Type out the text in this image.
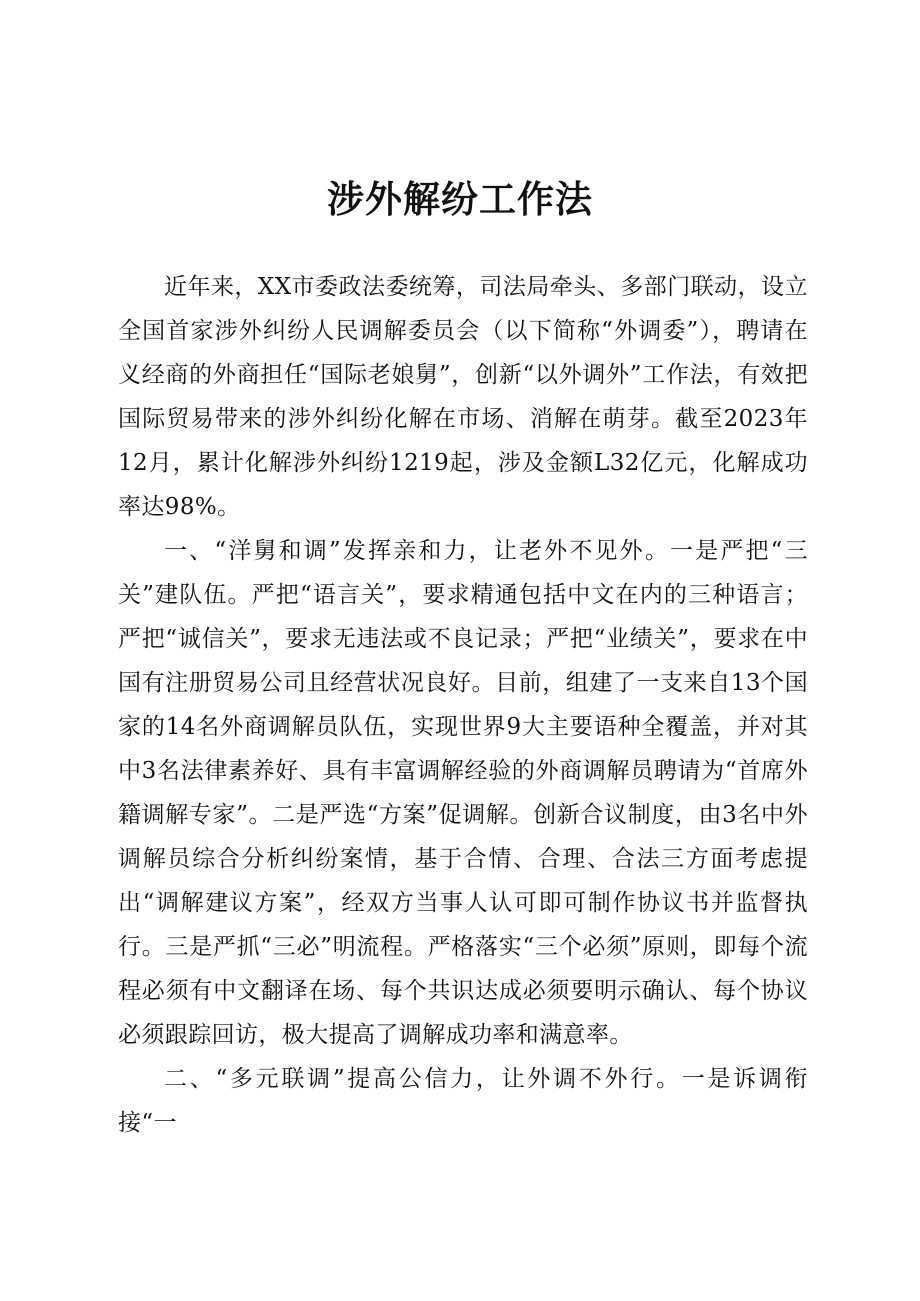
涉外解纷工作法

近年来，XX市委政法委统筹，司法局牵头、多部门联动，设立全国首家涉外纠纷人民调解委员会（以下简称“外调委”），聘请在义经商的外商担任“国际老娘舅”，创新“以外调外”工作法，有效把国际贸易带来的涉外纠纷化解在市场、消解在萌芽。截至2023年12月，累计化解涉外纠纷1219起，涉及金额L32亿元，化解成功率达98%。

一、“洋舅和调”发挥亲和力，让老外不见外。一是严把“三关”建队伍。严把“语言关”，要求精通包括中文在内的三种语言；严把“诚信关”，要求无违法或不良记录；严把“业绩关”，要求在中国有注册贸易公司且经营状况良好。目前，组建了一支来自13个国家的14名外商调解员队伍，实现世界9大主要语种全覆盖，并对其中3名法律素养好、具有丰富调解经验的外商调解员聘请为“首席外籍调解专家”。二是严选“方案”促调解。创新合议制度，由3名中外调解员综合分析纠纷案情，基于合情、合理、合法三方面考虑提出“调解建议方案”，经双方当事人认可即可制作协议书并监督执行。三是严抓“三必”明流程。严格落实“三个必须”原则，即每个流程必须有中文翻译在场、每个共识达成必须要明示确认、每个协议必须跟踪回访，极大提高了调解成功率和满意率。

二、“多元联调”提高公信力，让外调不外行。一是诉调衔接“一
